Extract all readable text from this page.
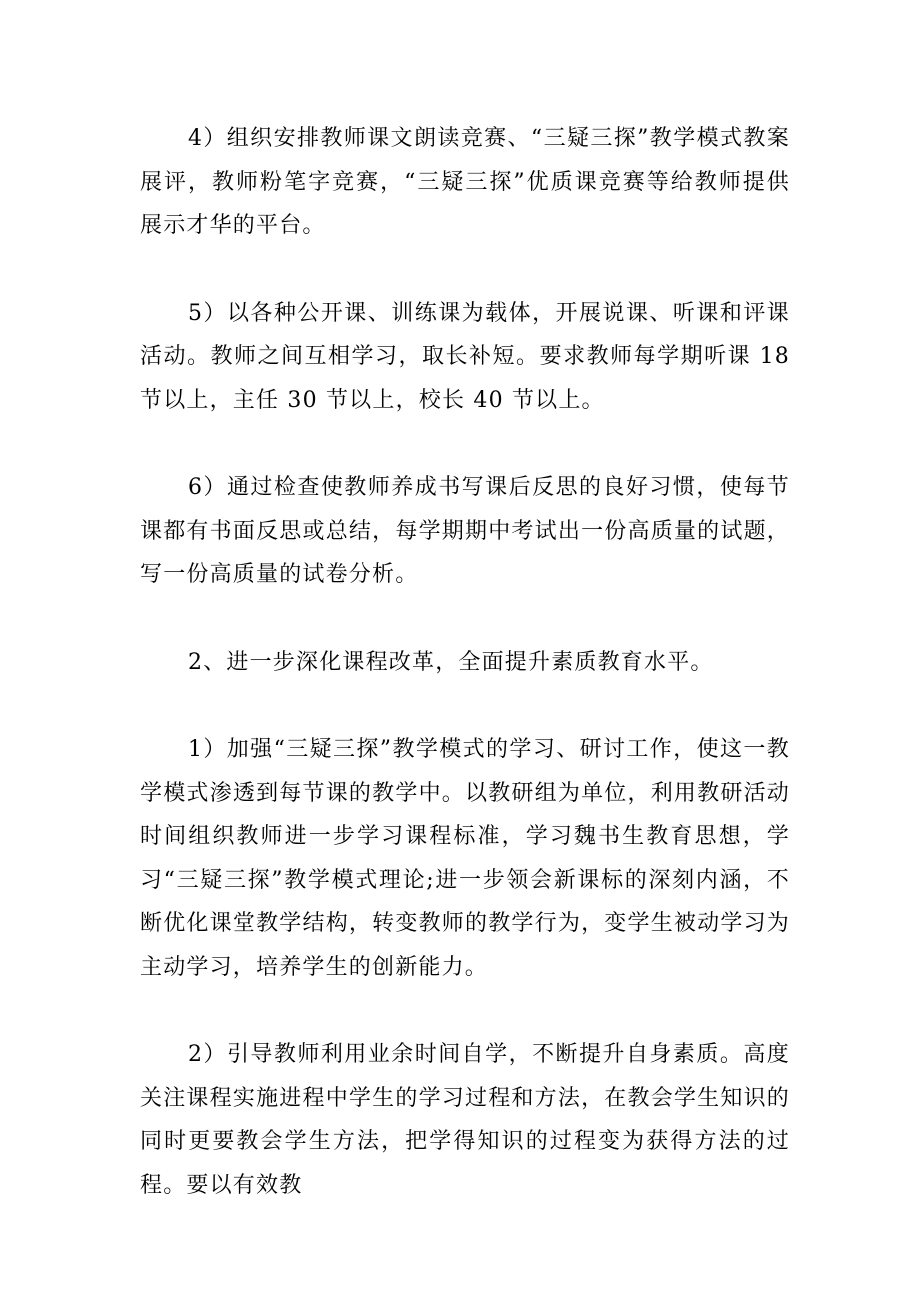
4）组织安排教师课文朗读竞赛、“三疑三探”教学模式教案展评，教师粉笔字竞赛，“三疑三探”优质课竞赛等给教师提供展示才华的平台。

5）以各种公开课、训练课为载体，开展说课、听课和评课活动。教师之间互相学习，取长补短。要求教师每学期听课 18 节以上，主任 30 节以上，校长 40 节以上。

6）通过检查使教师养成书写课后反思的良好习惯，使每节课都有书面反思或总结，每学期期中考试出一份高质量的试题，写一份高质量的试卷分析。

2、进一步深化课程改革，全面提升素质教育水平。

1）加强“三疑三探”教学模式的学习、研讨工作，使这一教学模式渗透到每节课的教学中。以教研组为单位，利用教研活动时间组织教师进一步学习课程标准，学习魏书生教育思想，学习“三疑三探”教学模式理论;进一步领会新课标的深刻内涵，不断优化课堂教学结构，转变教师的教学行为，变学生被动学习为主动学习，培养学生的创新能力。

2）引导教师利用业余时间自学，不断提升自身素质。高度关注课程实施进程中学生的学习过程和方法，在教会学生知识的同时更要教会学生方法，把学得知识的过程变为获得方法的过程。要以有效教
